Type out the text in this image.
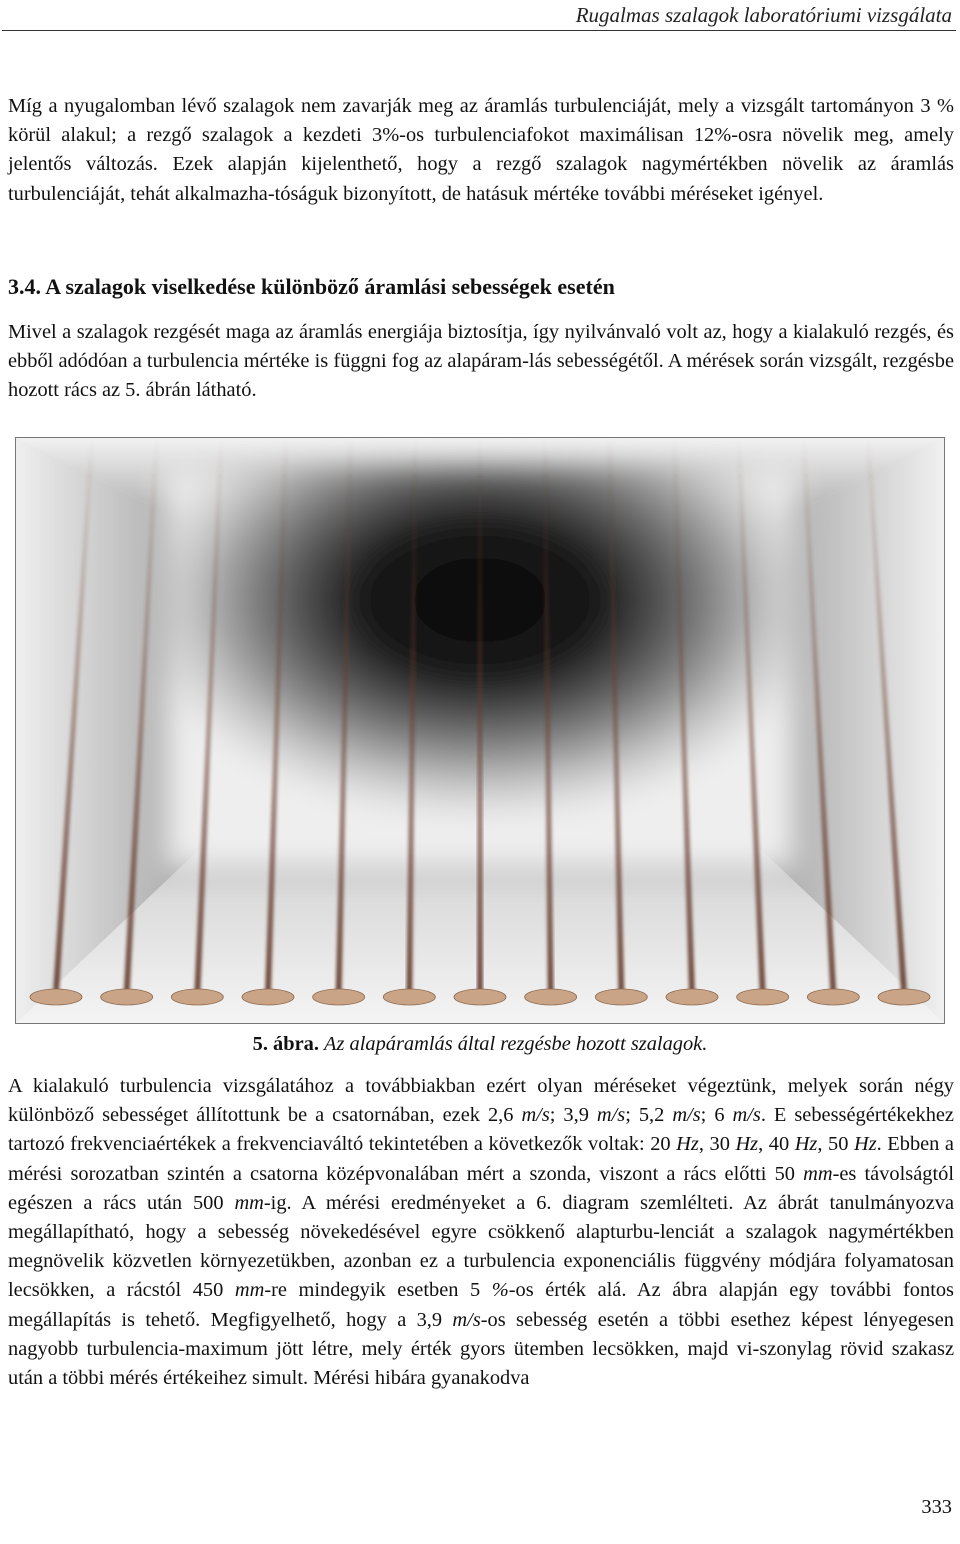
Rugalmas szalagok laboratóriumi vizsgálata

Míg a nyugalomban lévő szalagok nem zavarják meg az áramlás turbulenciáját, mely a vizsgált tartományon 3 % körül alakul; a rezgő szalagok a kezdeti 3%-os turbulenciafokot maximálisan 12%-osra növelik meg, amely jelentős változás. Ezek alapján kijelenthető, hogy a rezgő szalagok nagymértékben növelik az áramlás turbulenciáját, tehát alkalmazha-tóságuk bizonyított, de hatásuk mértéke további méréseket igényel.

3.4. A szalagok viselkedése különböző áramlási sebességek esetén

Mivel a szalagok rezgését maga az áramlás energiája biztosítja, így nyilvánvaló volt az, hogy a kialakuló rezgés, és ebből adódóan a turbulencia mértéke is függni fog az alapáram-lás sebességétől. A mérések során vizsgált, rezgésbe hozott rács az 5. ábrán látható.

5. ábra. Az alapáramlás által rezgésbe hozott szalagok.

A kialakuló turbulencia vizsgálatához a továbbiakban ezért olyan méréseket végeztünk, melyek során négy különböző sebességet állítottunk be a csatornában, ezek 2,6 m/s; 3,9 m/s; 5,2 m/s; 6 m/s. E sebességértékekhez tartozó frekvenciaértékek a frekvenciaváltó tekintetében a következők voltak: 20 Hz, 30 Hz, 40 Hz, 50 Hz. Ebben a mérési sorozatban szintén a csatorna középvonalában mért a szonda, viszont a rács előtti 50 mm-es távolságtól egészen a rács után 500 mm-ig. A mérési eredményeket a 6. diagram szemlélteti. Az ábrát tanulmányozva megállapítható, hogy a sebesség növekedésével egyre csökkenő alapturbu-lenciát a szalagok nagymértékben megnövelik közvetlen környezetükben, azonban ez a turbulencia exponenciális függvény módjára folyamatosan lecsökken, a rácstól 450 mm-re mindegyik esetben 5 %-os érték alá. Az ábra alapján egy további fontos megállapítás is tehető. Megfigyelhető, hogy a 3,9 m/s-os sebesség esetén a többi esethez képest lényegesen nagyobb turbulencia-maximum jött létre, mely érték gyors ütemben lecsökken, majd vi-szonylag rövid szakasz után a többi mérés értékeihez simult. Mérési hibára gyanakodva

333
